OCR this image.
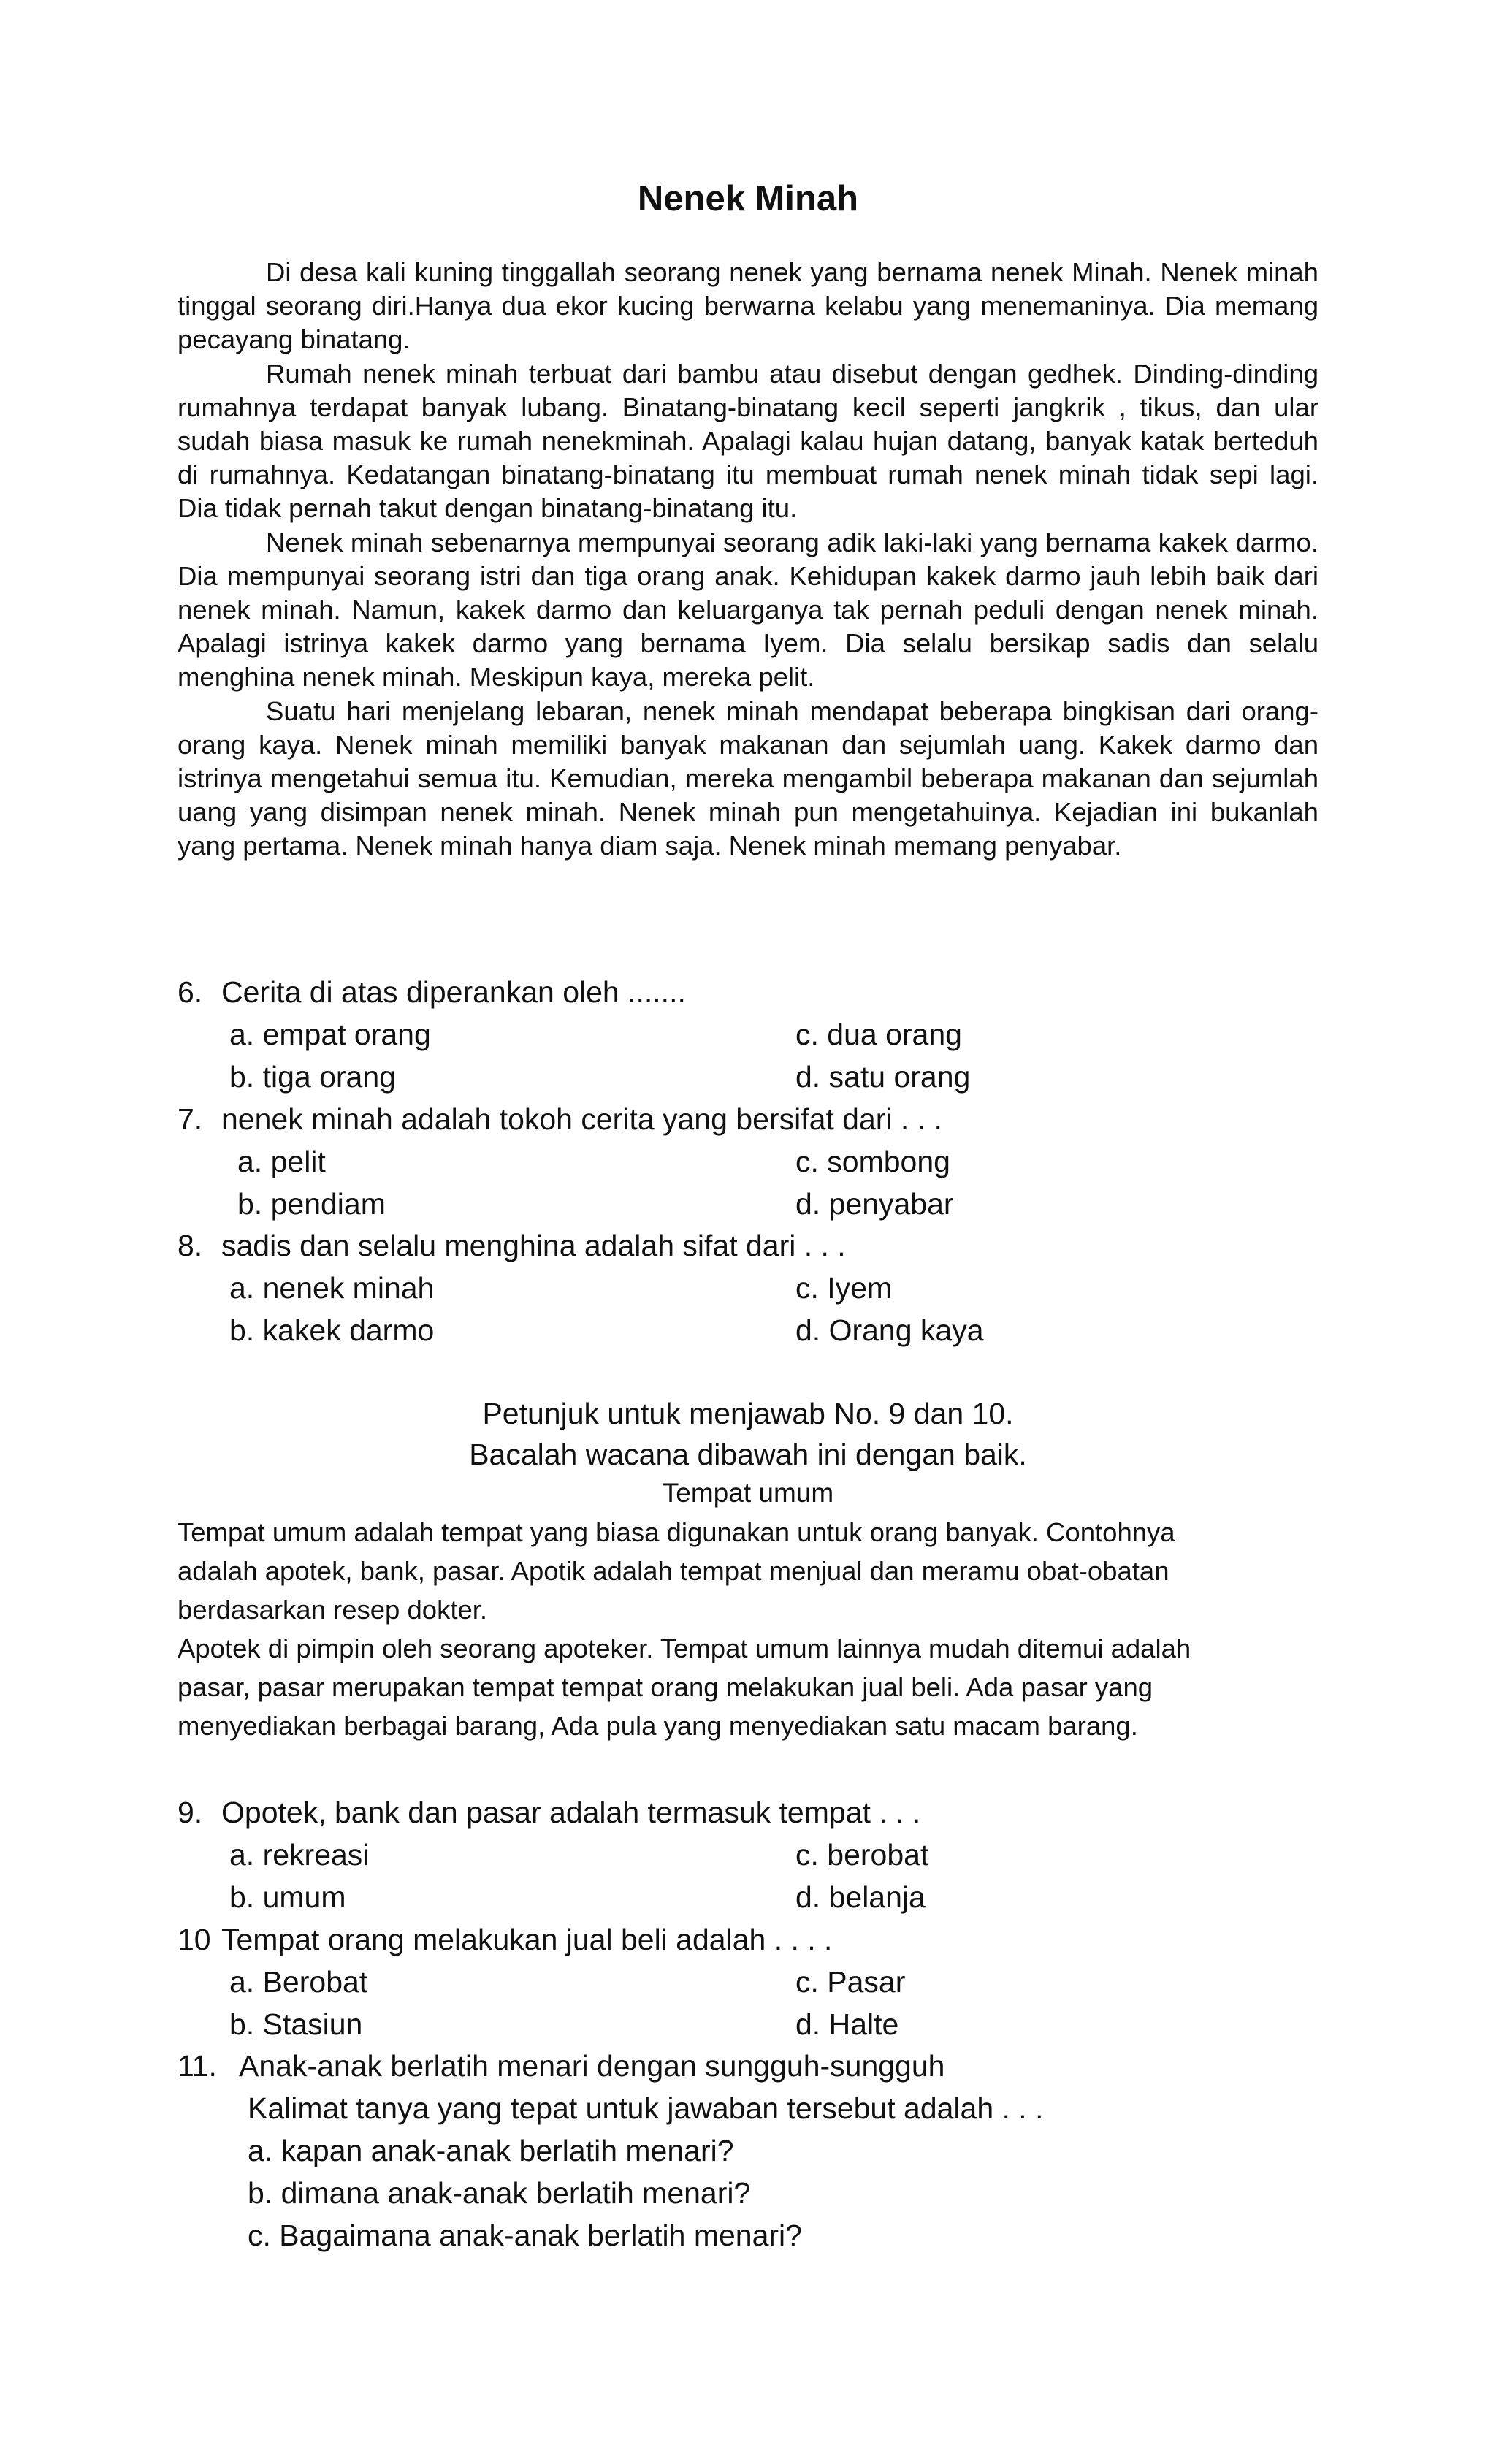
Nenek Minah

Di desa kali kuning tinggallah seorang nenek yang bernama nenek Minah. Nenek minah tinggal seorang diri.Hanya dua ekor kucing berwarna kelabu yang menemaninya. Dia memang pecayang binatang.

Rumah nenek minah terbuat dari bambu atau disebut dengan gedhek. Dinding-dinding rumahnya terdapat banyak lubang. Binatang-binatang kecil seperti jangkrik , tikus, dan ular sudah biasa masuk ke rumah nenekminah. Apalagi kalau hujan datang, banyak katak berteduh di rumahnya. Kedatangan binatang-binatang itu membuat rumah nenek minah tidak sepi lagi. Dia tidak pernah takut dengan binatang-binatang itu.

Nenek minah sebenarnya mempunyai seorang adik laki-laki yang bernama kakek darmo. Dia mempunyai seorang istri dan tiga orang anak. Kehidupan kakek darmo jauh lebih baik dari nenek minah. Namun, kakek darmo dan keluarganya tak pernah peduli dengan nenek minah. Apalagi istrinya kakek darmo yang bernama Iyem. Dia selalu bersikap sadis dan selalu menghina nenek minah. Meskipun kaya, mereka pelit.

Suatu hari menjelang lebaran, nenek minah mendapat beberapa bingkisan dari orang-orang kaya. Nenek minah memiliki banyak makanan dan sejumlah uang. Kakek darmo dan istrinya mengetahui semua itu. Kemudian, mereka mengambil beberapa makanan dan sejumlah uang yang disimpan nenek minah. Nenek minah pun mengetahuinya. Kejadian ini bukanlah yang pertama. Nenek minah hanya diam saja. Nenek minah memang penyabar.

6. Cerita di atas diperankan oleh .......
a. empat orang	c. dua orang
b. tiga orang	d. satu orang
7. nenek minah adalah tokoh cerita yang bersifat dari . . .
a. pelit	c. sombong
b. pendiam	d. penyabar
8. sadis dan selalu menghina adalah sifat dari . . .
a. nenek minah	c. Iyem
b. kakek darmo	d. Orang kaya
Petunjuk untuk menjawab No. 9 dan 10.
Bacalah wacana dibawah ini dengan baik.
Tempat umum
Tempat umum adalah tempat yang biasa digunakan untuk orang banyak. Contohnya
adalah apotek, bank, pasar. Apotik adalah tempat menjual dan meramu obat-obatan
berdasarkan resep dokter.
Apotek di pimpin oleh seorang apoteker. Tempat umum lainnya mudah ditemui adalah
pasar, pasar merupakan tempat tempat orang melakukan jual beli. Ada pasar yang
menyediakan berbagai barang, Ada pula yang menyediakan satu macam barang.
9. Opotek, bank dan pasar adalah termasuk tempat . . .
a. rekreasi	c. berobat
b. umum	d. belanja
10 Tempat orang melakukan jual beli adalah . . . .
a. Berobat	c. Pasar
b. Stasiun	d. Halte
11. Anak-anak berlatih menari dengan sungguh-sungguh
Kalimat tanya yang tepat untuk jawaban tersebut adalah . . .
a. kapan anak-anak berlatih menari?
b. dimana anak-anak berlatih menari?
c. Bagaimana anak-anak berlatih menari?
